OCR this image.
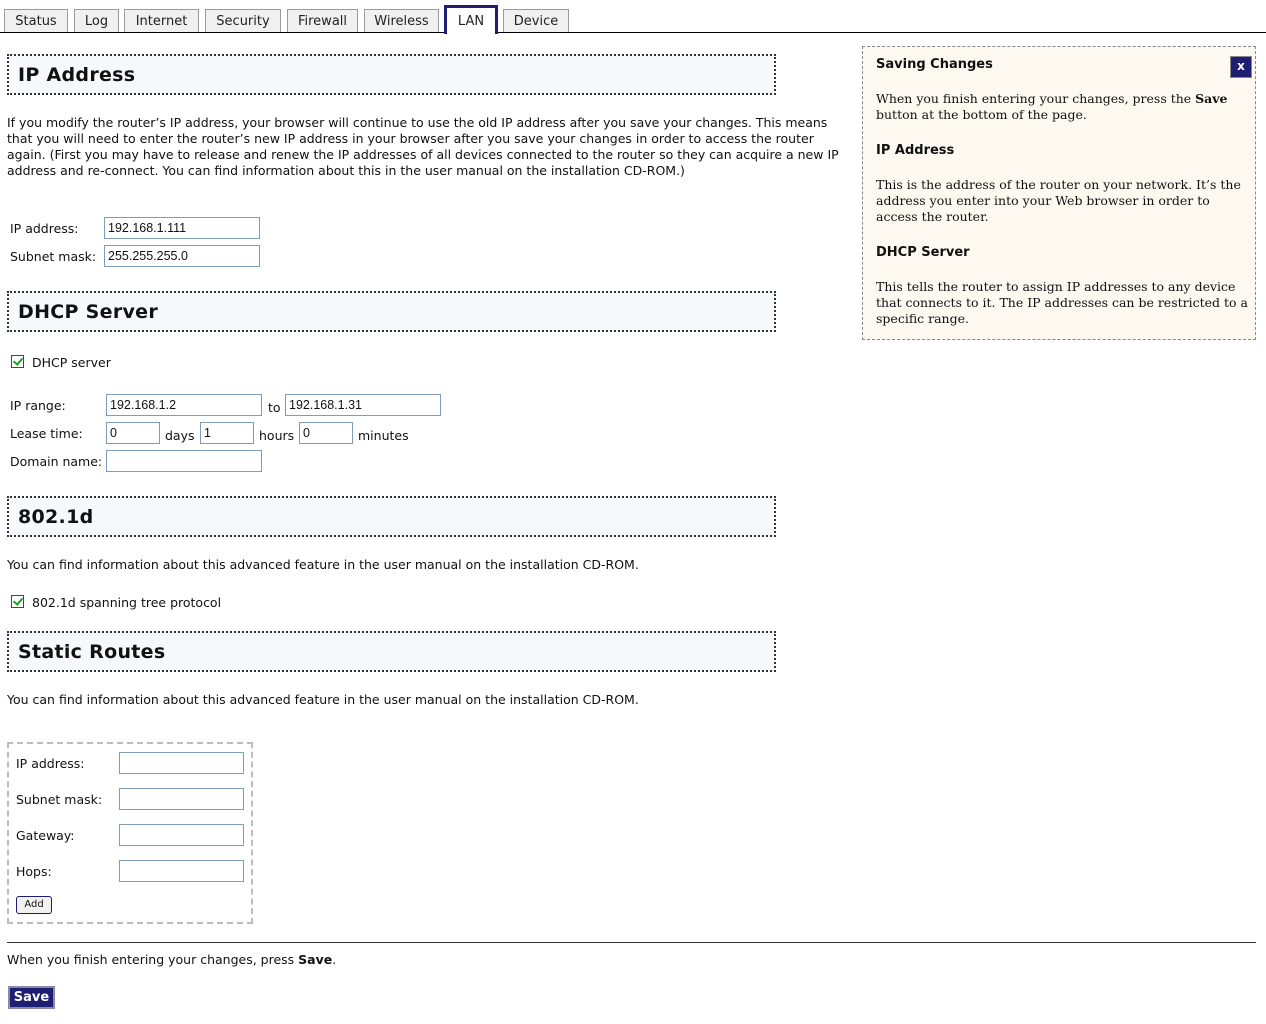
Status	Log	Internet	Security	Firewall	Wireless	LAN	Device
IP Address
If you modify the router’s IP address, your browser will continue to use the old IP address after you save your changes. This means that you will need to enter the router’s new IP address in your browser after you save your changes in order to access the router again. (First you may have to release and renew the IP addresses of all devices connected to the router so they can acquire a new IP address and re-connect. You can find information about this in the user manual on the installation CD-ROM.)
IP address:
192.168.1.111
Subnet mask:
255.255.255.0
DHCP Server
DHCP server
IP range:
192.168.1.2	to
192.168.1.31
Lease time:
0	days
1	hours
0	minutes
Domain name:
802.1d
You can find information about this advanced feature in the user manual on the installation CD-ROM.
802.1d spanning tree protocol
Static Routes
You can find information about this advanced feature in the user manual on the installation CD-ROM.
IP address:
Subnet mask:
Gateway:
Hops:
Add
When you finish entering your changes, press Save.
Save
Saving Changes	x
When you finish entering your changes, press the Save button at the bottom of the page.
IP Address
This is the address of the router on your network. It’s the address you enter into your Web browser in order to access the router.
DHCP Server
This tells the router to assign IP addresses to any device that connects to it. The IP addresses can be restricted to a specific range.
